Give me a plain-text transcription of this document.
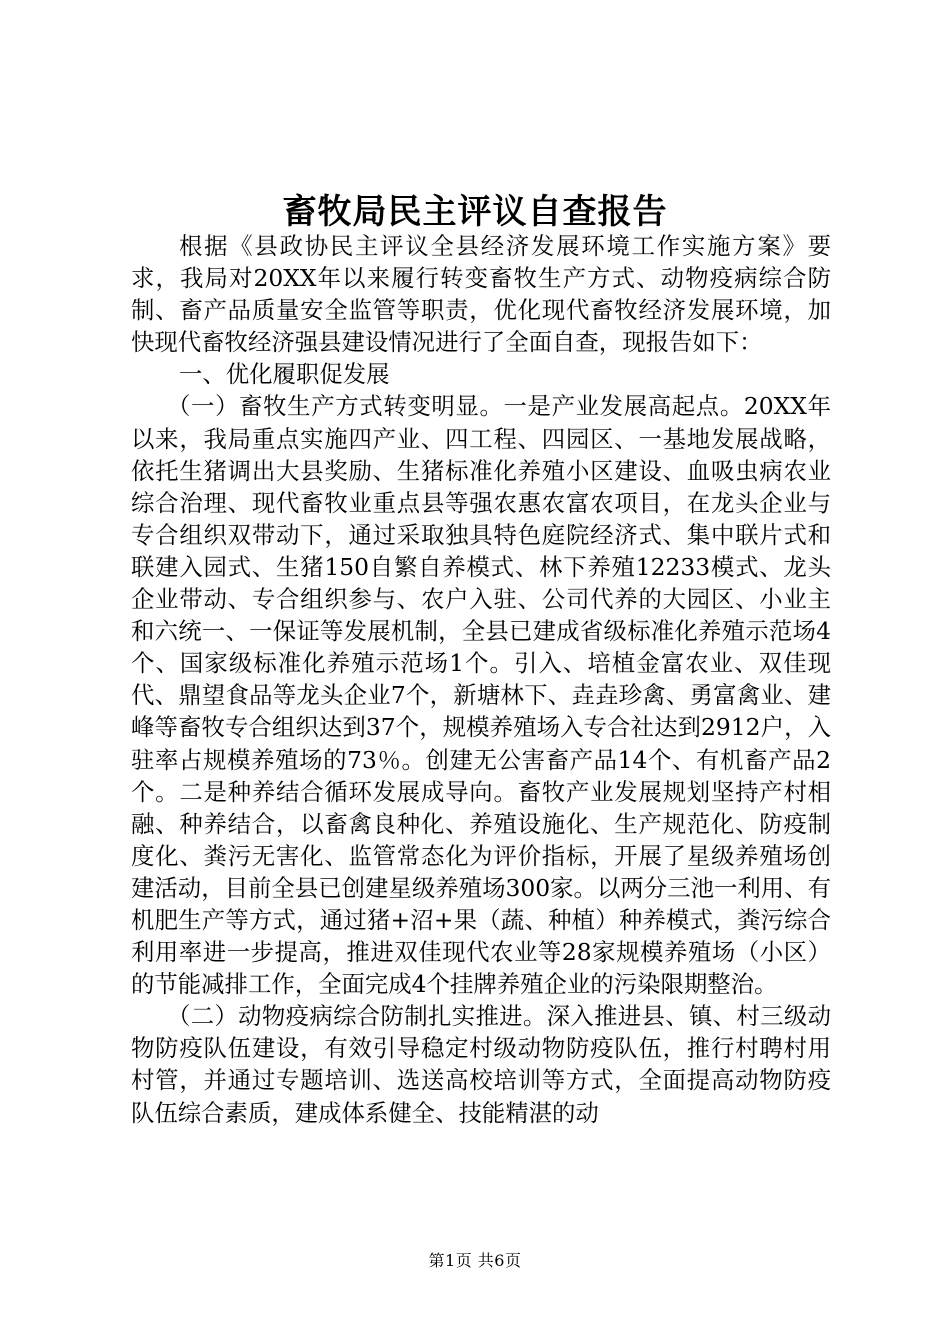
畜牧局民主评议自查报告

根据《县政协民主评议全县经济发展环境工作实施方案》要求，我局对20XX年以来履行转变畜牧生产方式、动物疫病综合防制、畜产品质量安全监管等职责，优化现代畜牧经济发展环境，加快现代畜牧经济强县建设情况进行了全面自查，现报告如下：

一、优化履职促发展

（一）畜牧生产方式转变明显。一是产业发展高起点。20XX年以来，我局重点实施四产业、四工程、四园区、一基地发展战略，依托生猪调出大县奖励、生猪标准化养殖小区建设、血吸虫病农业综合治理、现代畜牧业重点县等强农惠农富农项目，在龙头企业与专合组织双带动下，通过采取独具特色庭院经济式、集中联片式和联建入园式、生猪150自繁自养模式、林下养殖12233模式、龙头企业带动、专合组织参与、农户入驻、公司代养的大园区、小业主和六统一、一保证等发展机制，全县已建成省级标准化养殖示范场4个、国家级标准化养殖示范场1个。引入、培植金富农业、双佳现代、鼎望食品等龙头企业7个，新塘林下、垚垚珍禽、勇富禽业、建峰等畜牧专合组织达到37个，规模养殖场入专合社达到2912户，入驻率占规模养殖场的73％。创建无公害畜产品14个、有机畜产品2个。二是种养结合循环发展成导向。畜牧产业发展规划坚持产村相融、种养结合，以畜禽良种化、养殖设施化、生产规范化、防疫制度化、粪污无害化、监管常态化为评价指标，开展了星级养殖场创建活动，目前全县已创建星级养殖场300家。以两分三池一利用、有机肥生产等方式，通过猪+沼+果（蔬、种植）种养模式，粪污综合利用率进一步提高，推进双佳现代农业等28家规模养殖场（小区）的节能减排工作，全面完成4个挂牌养殖企业的污染限期整治。

（二）动物疫病综合防制扎实推进。深入推进县、镇、村三级动物防疫队伍建设，有效引导稳定村级动物防疫队伍，推行村聘村用村管，并通过专题培训、选送高校培训等方式，全面提高动物防疫队伍综合素质，建成体系健全、技能精湛的动

第1页 共6页
